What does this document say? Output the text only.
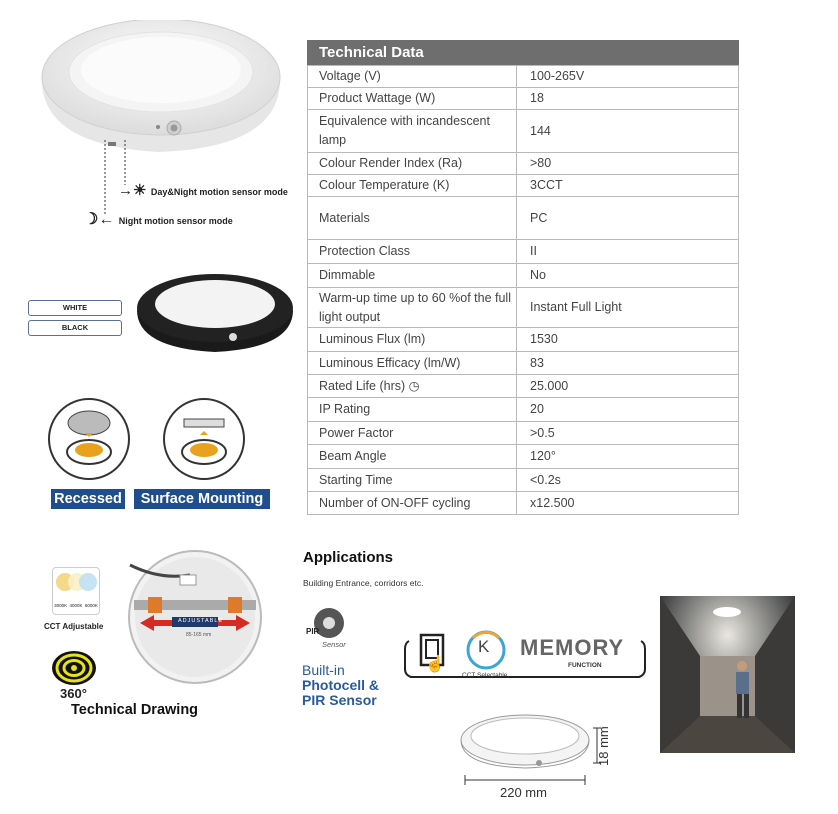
→☀ Day&Night motion sensor mode
☽← Night motion sensor mode
WHITE
BLACK
Recessed	Surface Mounting
3000K 4000K 6000K
CCT Adjustable
360°
ADJUSTABLE
85-165 mm
Technical Drawing
Technical Data
Voltage (V)	100-265V
Product Wattage (W)	18
Equivalence with incandescent lamp	144
Colour Render Index (Ra)	>80
Colour Temperature (K)	3CCT
Materials	PC
Protection Class	II
Dimmable	No
Warm-up time up to 60 %of the full light output	Instant Full Light
Luminous Flux (lm)	1530
Luminous Efficacy (lm/W)	83
Rated Life (hrs) ◷	25.000
IP Rating	20
Power Factor	>0.5
Beam Angle	120°
Starting Time	<0.2s
Number of ON-OFF cycling	x12.500
Applications
Building Entrance, corridors etc.
PIR
Sensor
Built-in
Photocell &
PIR Sensor
☝
K
CCT Selectable
MEMORY
FUNCTION
220 mm
18 mm
